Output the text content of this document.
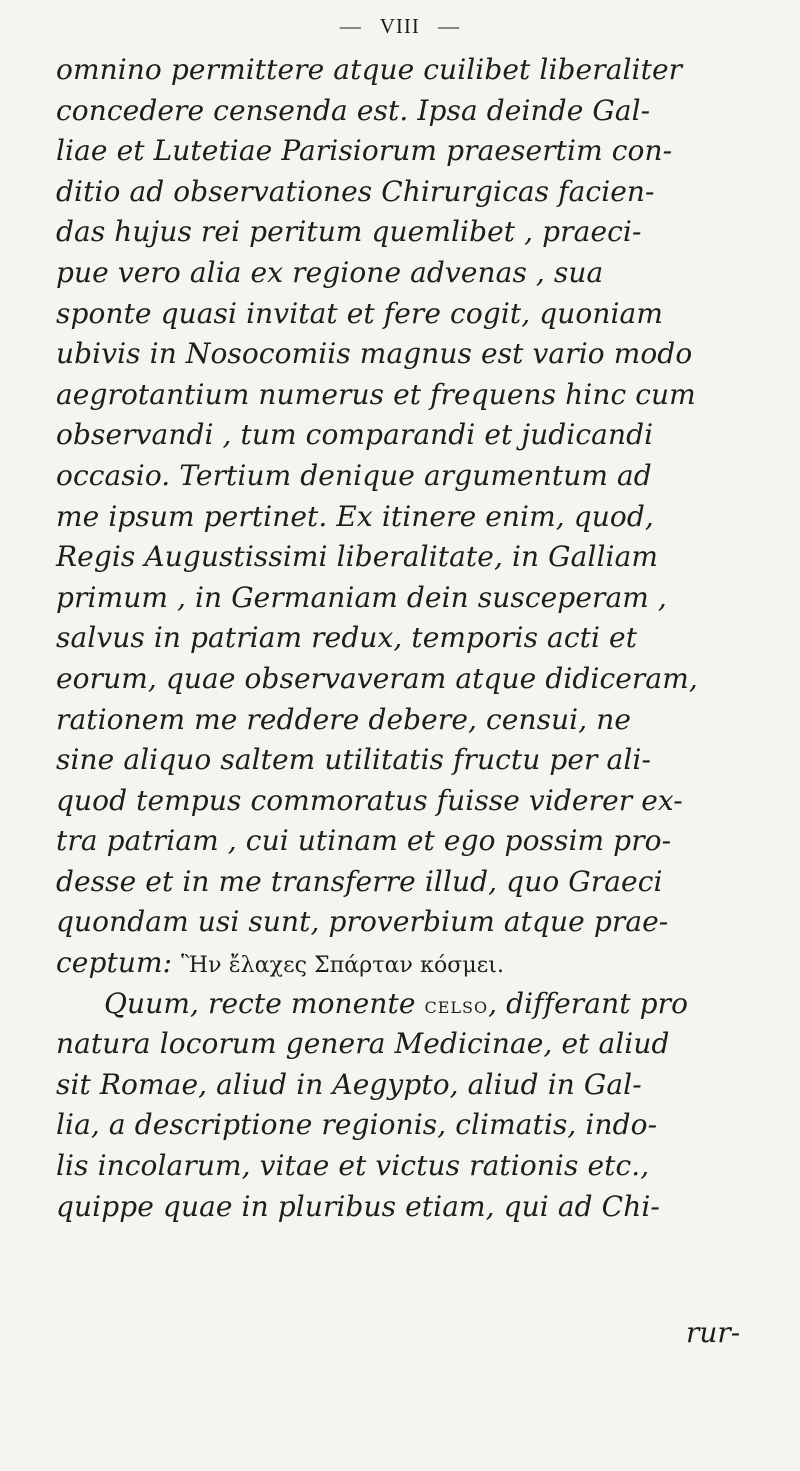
— VIII —
omnino permittere atque cuilibet liberaliter
concedere censenda est. Ipsa deinde Gal-
liae et Lutetiae Parisiorum praesertim con-
ditio ad observationes Chirurgicas facien-
das hujus rei peritum quemlibet , praeci-
pue vero alia ex regione advenas , sua
sponte quasi invitat et fere cogit, quoniam
ubivis in Nosocomiis magnus est vario modo
aegrotantium numerus et frequens hinc cum
observandi , tum comparandi et judicandi
occasio. Tertium denique argumentum ad
me ipsum pertinet. Ex itinere enim, quod,
Regis Augustissimi liberalitate, in Galliam
primum , in Germaniam dein susceperam ,
salvus in patriam redux, temporis acti et
eorum, quae observaveram atque didiceram,
rationem me reddere debere, censui, ne
sine aliquo saltem utilitatis fructu per ali-
quod tempus commoratus fuisse viderer ex-
tra patriam , cui utinam et ego possim pro-
desse et in me transferre illud, quo Graeci
quondam usi sunt, proverbium atque prae-
ceptum: Ἣν ἔλαχες Σπάρταν κόσμει.
Quum, recte monente celso, differant pro
natura locorum genera Medicinae, et aliud
sit Romae, aliud in Aegypto, aliud in Gal-
lia, a descriptione regionis, climatis, indo-
lis incolarum, vitae et victus rationis etc.,
quippe quae in pluribus etiam, qui ad Chi-
rur-
